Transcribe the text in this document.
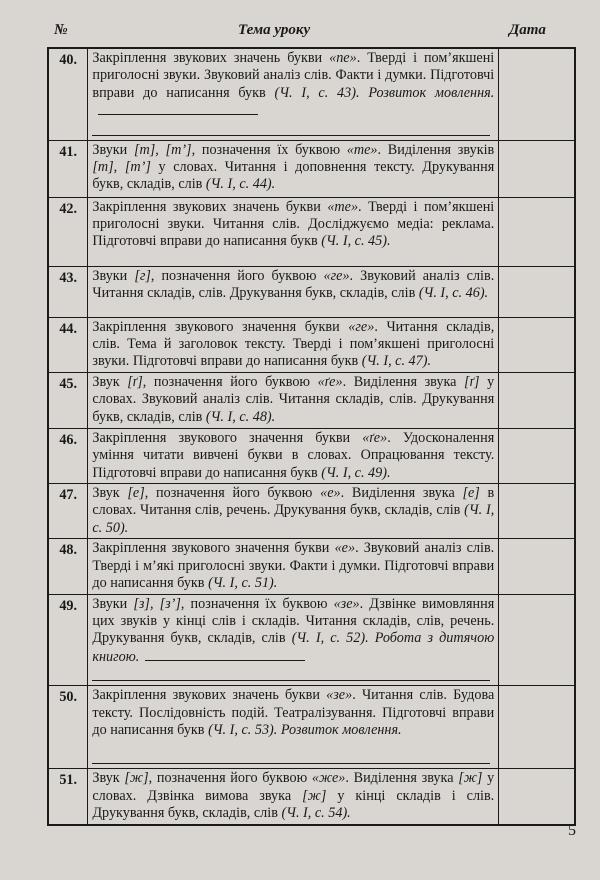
№	Тема уроку	Дата
40.	Закріплення звукових значень букви «пе». Тверді і пом’якшені приголосні звуки. Звуковий аналіз слів. Факти і думки. Підготовчі вправи до написання букв (Ч. І, с. 43). Розвиток мовлення.	

41.	Звуки [т], [т’], позначення їх буквою «те». Виділення звуків [т], [т’] у словах. Читання і доповнення тексту. Друкування букв, складів, слів (Ч. І, с. 44).	

42.	Закріплення звукових значень букви «те». Тверді і пом’якшені приголосні звуки. Читання слів. Досліджуємо медіа: реклама. Підготовчі вправи до написання букв (Ч. І, с. 45).	

43.	Звуки [г], позначення його буквою «ге». Звуковий аналіз слів. Читання складів, слів. Друкування букв, складів, слів (Ч. І, с. 46).	

44.	Закріплення звукового значення букви «ге». Читання складів, слів. Тема й заголовок тексту. Тверді і пом’якшені приголосні звуки. Підготовчі вправи до написання букв (Ч. І, с. 47).	

45.	Звук [ґ], позначення його буквою «ґе». Виділення звука [ґ] у словах. Звуковий аналіз слів. Читання складів, слів. Друкування букв, складів, слів (Ч. І, с. 48).	

46.	Закріплення звукового значення букви «ґе». Удосконалення уміння читати вивчені букви в словах. Опрацювання тексту. Підготовчі вправи до написання букв (Ч. І, с. 49).	

47.	Звук [е], позначення його буквою «е». Виділення звука [е] в словах. Читання слів, речень. Друкування букв, складів, слів (Ч. І, с. 50).	

48.	Закріплення звукового значення букви «е». Звуковий аналіз слів. Тверді і м’які приголосні звуки. Факти і думки. Підготовчі вправи до написання букв (Ч. І, с. 51).	

49.	Звуки [з], [з’], позначення їх буквою «зе». Дзвінке вимовляння цих звуків у кінці слів і складів. Читання складів, слів, речень. Друкування букв, складів, слів (Ч. І, с. 52). Робота з дитячою книгою.	

50.	Закріплення звукових значень букви «зе». Читання слів. Будова тексту. Послідовність подій. Театралізування. Підготовчі вправи до написання букв (Ч. І, с. 53). Розвиток мовлення.	

51.	Звук [ж], позначення його буквою «же». Виділення звука [ж] у словах. Дзвінка вимова звука [ж] у кінці складів і слів. Друкування букв, складів, слів (Ч. І, с. 54).	

5
